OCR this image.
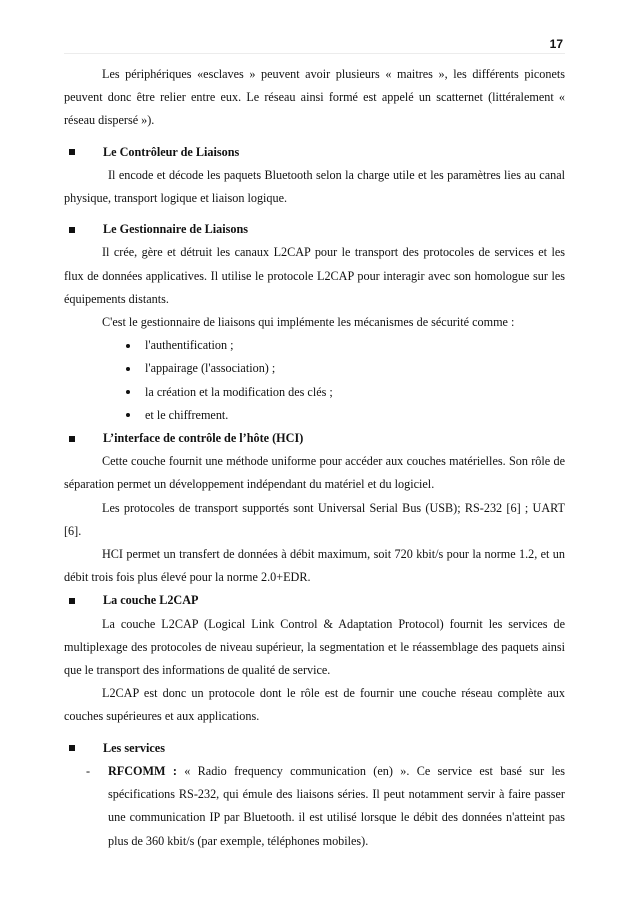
17

Les périphériques «esclaves » peuvent avoir plusieurs « maitres », les différents piconets peuvent donc être relier entre eux. Le réseau ainsi formé est appelé un scatternet (littéralement « réseau dispersé »).

Le Contrôleur de Liaisons

Il encode et décode les paquets Bluetooth selon la charge utile et les paramètres lies au canal physique, transport logique et liaison logique.

Le Gestionnaire de Liaisons

Il crée, gère et détruit les canaux L2CAP pour le transport des protocoles de services et les flux de données applicatives. Il utilise le protocole L2CAP pour interagir avec son homologue sur les équipements distants.

C'est le gestionnaire de liaisons qui implémente les mécanismes de sécurité comme :

l'authentification ;
l'appairage (l'association) ;
la création et la modification des clés ;
et le chiffrement.
L’interface de contrôle de l’hôte (HCI)

Cette couche fournit une méthode uniforme pour accéder aux couches matérielles. Son rôle de séparation permet un développement indépendant du matériel et du logiciel.

Les protocoles de transport supportés sont Universal Serial Bus (USB); RS-232 [6] ; UART [6].

HCI permet un transfert de données à débit maximum, soit 720 kbit/s pour la norme 1.2, et un débit trois fois plus élevé pour la norme 2.0+EDR.

La couche L2CAP

La couche L2CAP (Logical Link Control & Adaptation Protocol) fournit les services de multiplexage des protocoles de niveau supérieur, la segmentation et le réassemblage des paquets ainsi que le transport des informations de qualité de service.

L2CAP est donc un protocole dont le rôle est de fournir une couche réseau complète aux couches supérieures et aux applications.

Les services
-	RFCOMM : « Radio frequency communication (en) ». Ce service est basé sur les spécifications RS-232, qui émule des liaisons séries. Il peut notamment servir à faire passer une communication IP par Bluetooth. il est utilisé lorsque le débit des données n'atteint pas plus de 360 kbit/s (par exemple, téléphones mobiles).
